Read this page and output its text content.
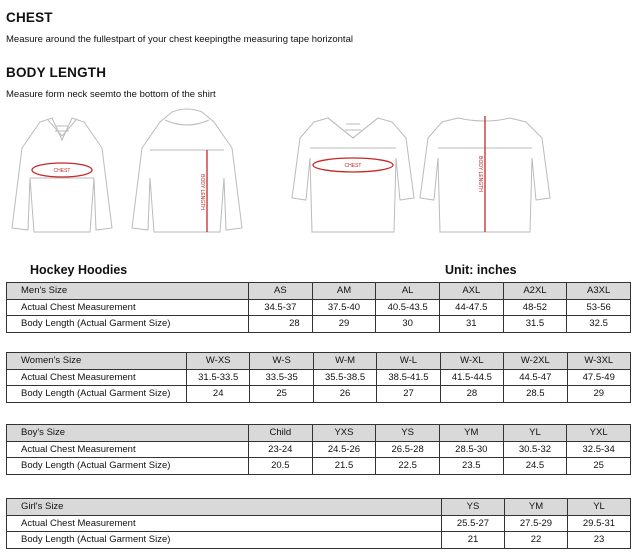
CHEST
Measure around the fullestpart of your chest keepingthe measuring tape horizontal
BODY LENGTH
Measure form neck seemto the bottom of the shirt
CHEST
CHEST
BODY LENGTH
BODY LENGTH
Hockey Hoodies	Unit: inches
Men's Size	AS	AM	AL	AXL	A2XL	A3XL
Actual Chest Measurement	34.5-37	37.5-40	40.5-43.5	44-47.5	48-52	53-56
Body Length (Actual Garment Size)	28	29	30	31	31.5	32.5
Women's Size	W-XS	W-S	W-M	W-L	W-XL	W-2XL	W-3XL
Actual Chest Measurement	31.5-33.5	33.5-35	35.5-38.5	38.5-41.5	41.5-44.5	44.5-47	47.5-49
Body Length (Actual Garment Size)	24	25	26	27	28	28.5	29
Boy's Size	Child	YXS	YS	YM	YL	YXL
Actual Chest Measurement	23-24	24.5-26	26.5-28	28.5-30	30.5-32	32.5-34
Body Length (Actual Garment Size)	20.5	21.5	22.5	23.5	24.5	25
Girl's Size	YS	YM	YL
Actual Chest Measurement	25.5-27	27.5-29	29.5-31
Body Length (Actual Garment Size)	21	22	23
